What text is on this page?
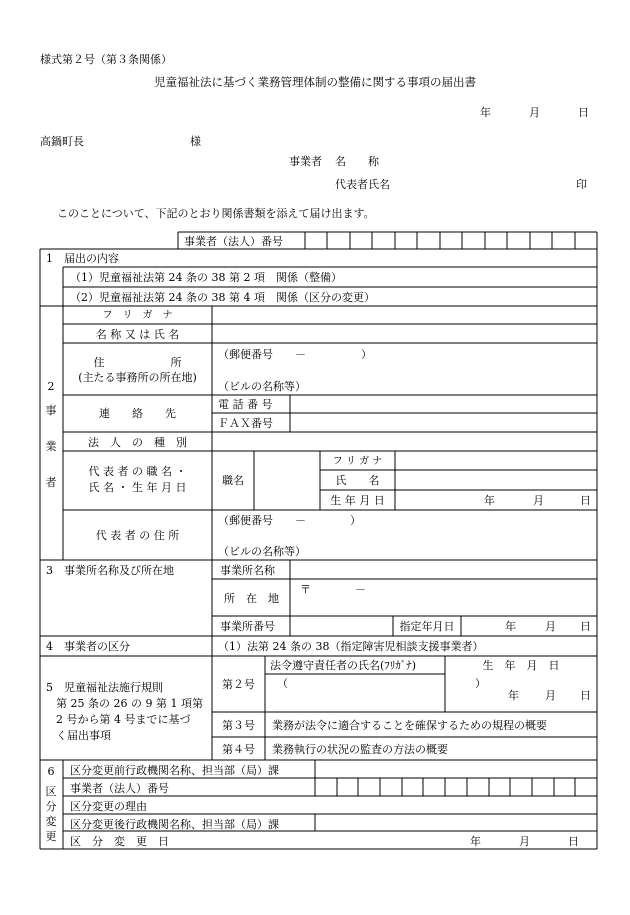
様式第２号（第３条関係）
児童福祉法に基づく業務管理体制の整備に関する事項の届出書
年	月	日
高鍋町長	様
事業者 名　　称
代表者氏名	印
このことについて、下記のとおり関係書類を添えて届け出ます。
事業者（法人）番号
1　届出の内容
（1）児童福祉法第 24 条の 38 第 2 項　関係（整備）
（2）児童福祉法第 24 条の 38 第 4 項　関係（区分の変更）
2
事
業
者
フ　リ　ガ　ナ
名 称 又 は 氏 名
住　　　　　　所
(主たる事務所の所在地)
（郵便番号　　－　　　　　）
（ビルの名称等）
連　　絡　　先
電 話 番 号
ＦＡＸ番号
法　人　の　種　別
代 表 者 の 職 名 ・
氏 名 ・ 生 年 月 日
職名
フ リ ガ ナ
氏　　名
生 年 月 日	年	月	日
代 表 者 の 住 所
（郵便番号　　－　　　　）
（ビルの名称等）
3　事業所名称及び所在地	事業所名称
所　在　地
〒　　　　－
事業所番号	指定年月日	年	月 日
4　事業者の区分	（1）法第 24 条の 38（指定障害児相談支援事業者）
5　児童福祉法施行規則
第 25 条の 26 の 9 第 1 項第
2 号から第 4 号までに基づ
く届出事項
第２号
法令遵守責任者の氏名(ﾌﾘｶﾞﾅ)	生　年　月　日
（　　　　　　　　　　　　　　　　　）
年 月 日
第３号	業務が法令に適合することを確保するための規程の概要
第４号	業務執行の状況の監査の方法の概要
6
区
分
変
更
区分変更前行政機関名称、担当部（局）課
事業者（法人）番号
区分変更の理由
区分変更後行政機関名称、担当部（局）課
区　分　変　更　日	年	月	日
